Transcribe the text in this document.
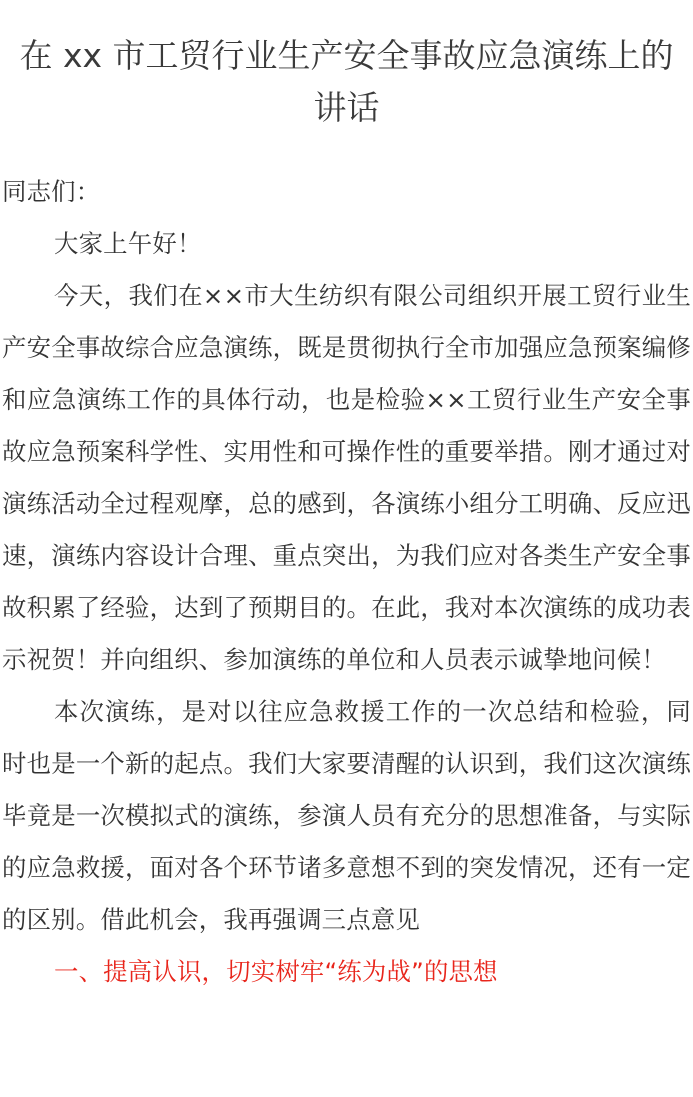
在 xx 市工贸行业生产安全事故应急演练上的讲话

同志们：

大家上午好！

今天，我们在××市大生纺织有限公司组织开展工贸行业生产安全事故综合应急演练，既是贯彻执行全市加强应急预案编修和应急演练工作的具体行动，也是检验××工贸行业生产安全事故应急预案科学性、实用性和可操作性的重要举措。刚才通过对演练活动全过程观摩，总的感到，各演练小组分工明确、反应迅速，演练内容设计合理、重点突出，为我们应对各类生产安全事故积累了经验，达到了预期目的。在此，我对本次演练的成功表示祝贺！并向组织、参加演练的单位和人员表示诚挚地问候！

本次演练，是对以往应急救援工作的一次总结和检验，同时也是一个新的起点。我们大家要清醒的认识到，我们这次演练毕竟是一次模拟式的演练，参演人员有充分的思想准备，与实际的应急救援，面对各个环节诸多意想不到的突发情况，还有一定的区别。借此机会，我再强调三点意见

一、提高认识，切实树牢“练为战”的思想
